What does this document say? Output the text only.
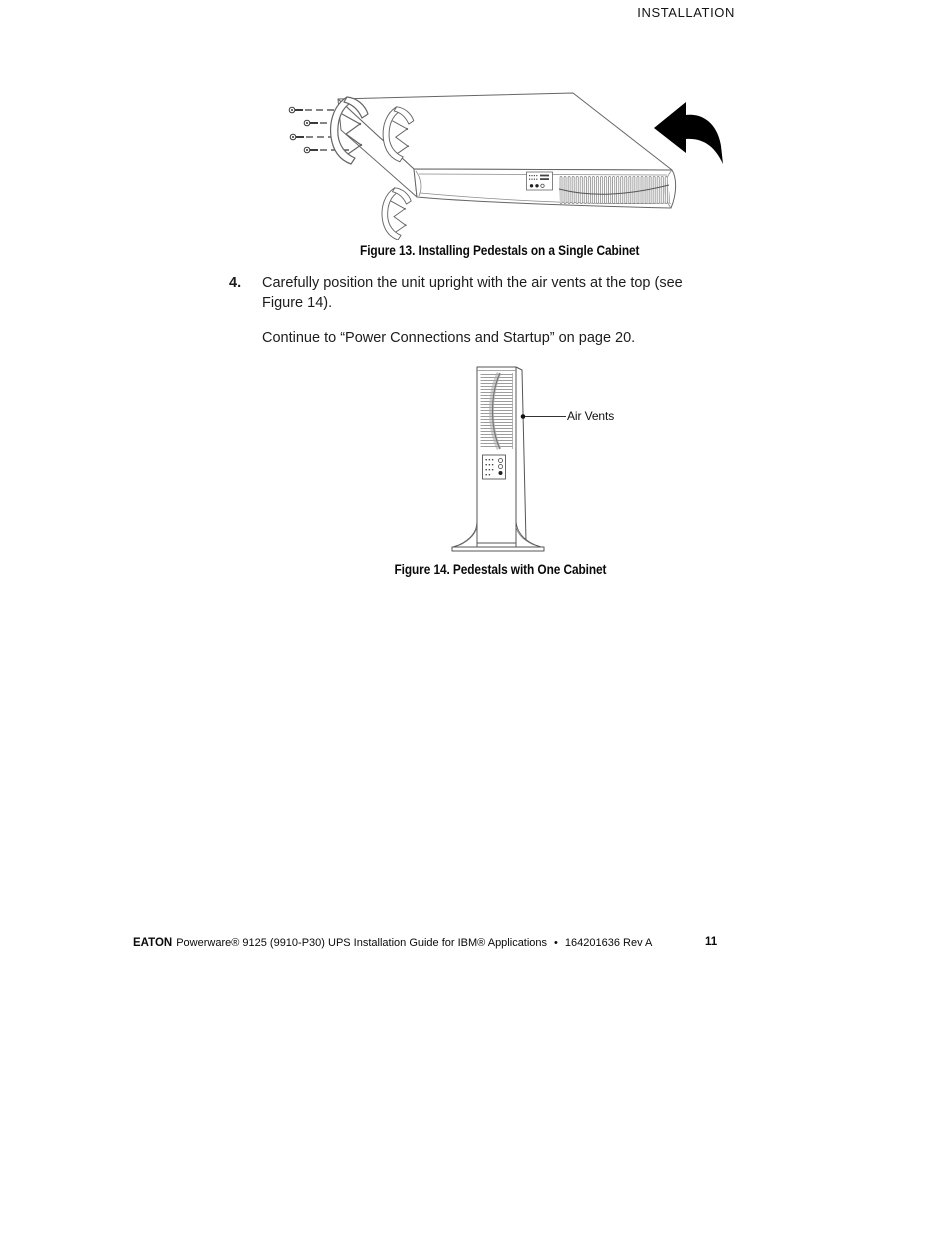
INSTALLATION
Figure 13. Installing Pedestals on a Single Cabinet
4. Carefully position the unit upright with the air vents at the top (see
Figure 14).
Continue to “Power Connections and Startup” on page 20.
Air Vents
Figure 14. Pedestals with One Cabinet
EATON Powerware® 9125 (9910-P30) UPS Installation Guide for IBM® Applications • 164201636 Rev A	11
